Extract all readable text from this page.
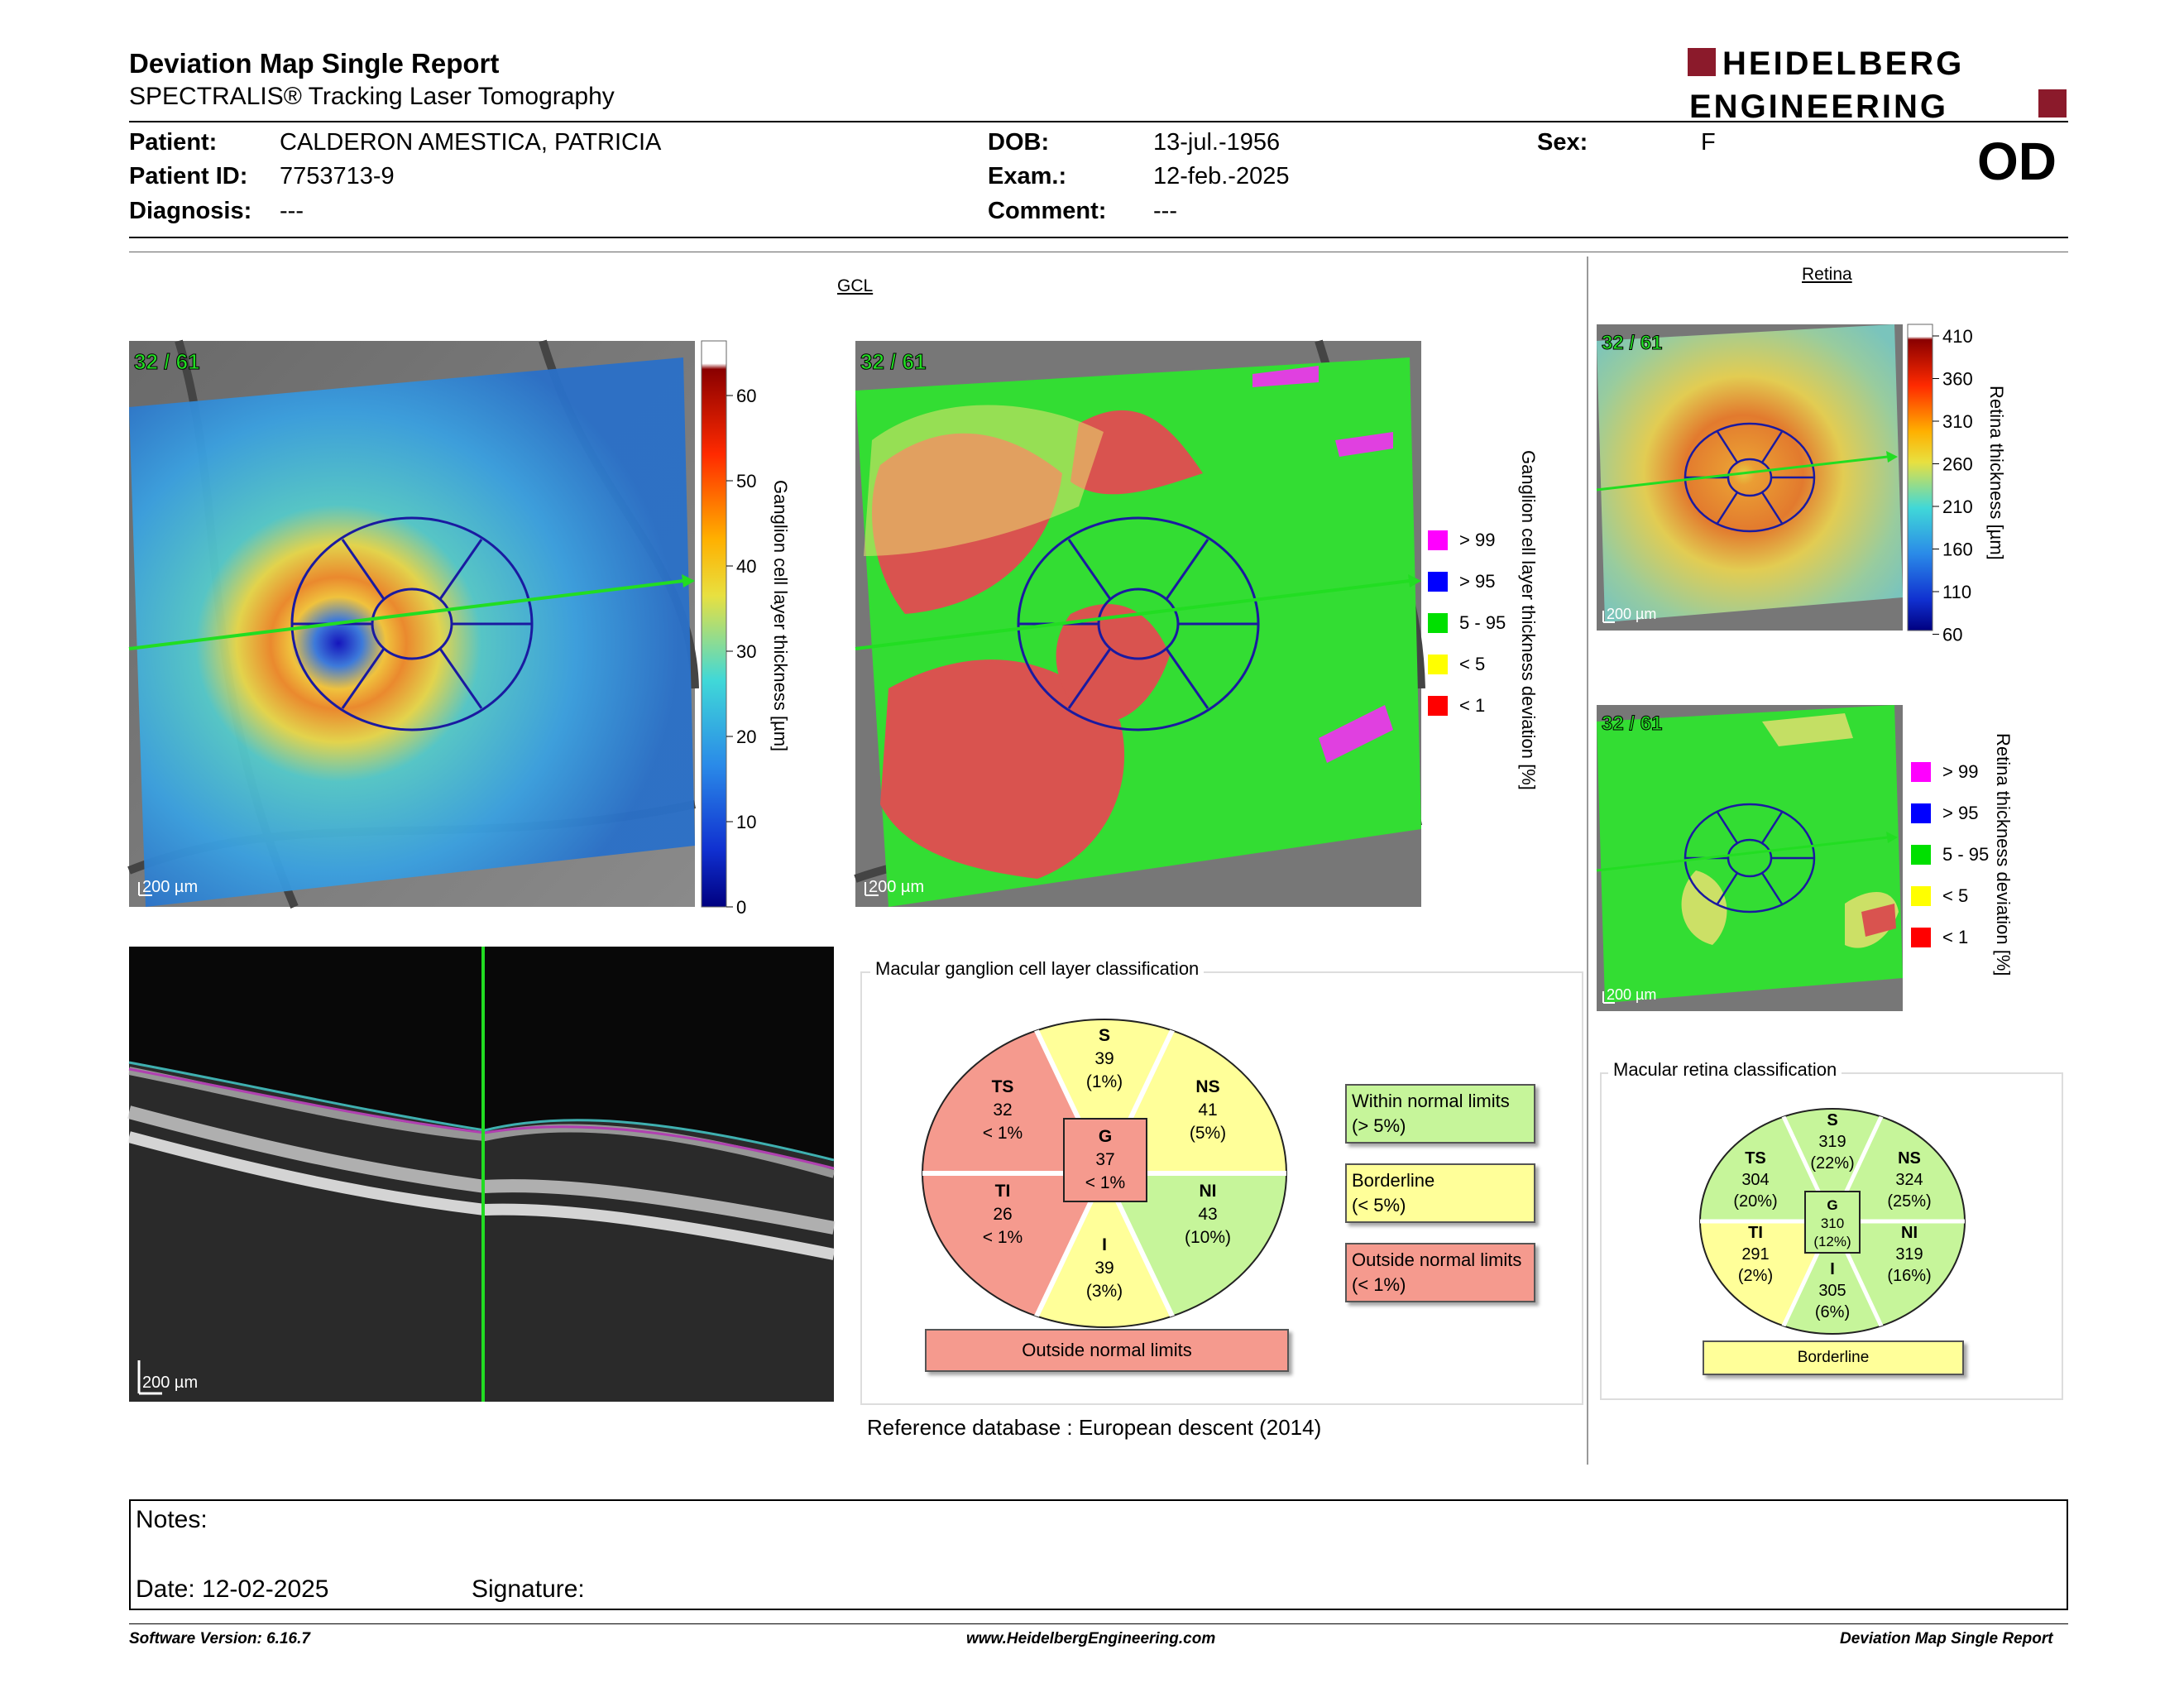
Deviation Map Single Report
SPECTRALIS® Tracking Laser Tomography
HEIDELBERG
ENGINEERING
Patient:	CALDERON AMESTICA, PATRICIA
Patient ID: 7753713-9
Diagnosis: ---
DOB:	13-jul.-1956
Exam.:	12-feb.-2025
Comment: ---
Sex:	F	OD
GCL
32 / 61
200 µm
60
50
40
30
20
10
0
Ganglion cell layer thickness [µm]
32 / 61
200 µm
> 99
> 95
5 - 95
< 5
< 1 Ganglion cell layer thickness deviation [%]
Retina
32 / 61
200 µm
410
360
310
260
210
160
110
60
Retina thickness [µm]
32 / 61
200 µm
> 99
> 95
5 - 95
< 5
< 1 Retina thickness deviation [%]
200 µm
Macular ganglion cell layer classification
S
39
(1%)
TS
32
< 1%
NS
41
(5%)
G
37
< 1%
TI
26
< 1%
NI
43
(10%)
I
39
(3%)
Outside normal limits
Within normal limits
(> 5%)
Borderline
(< 5%)
Outside normal limits
(< 1%)
Reference database : European descent (2014)
Macular retina classification
S
319
(22%)
TS
304
(20%)
NS
324
(25%)
G
310
(12%)
TI
291
(2%)
NI
319
(16%)
I
305
(6%)
Borderline
Notes:
Date: 12-02-2025	Signature:
Software Version: 6.16.7	www.HeidelbergEngineering.com	Deviation Map Single Report
